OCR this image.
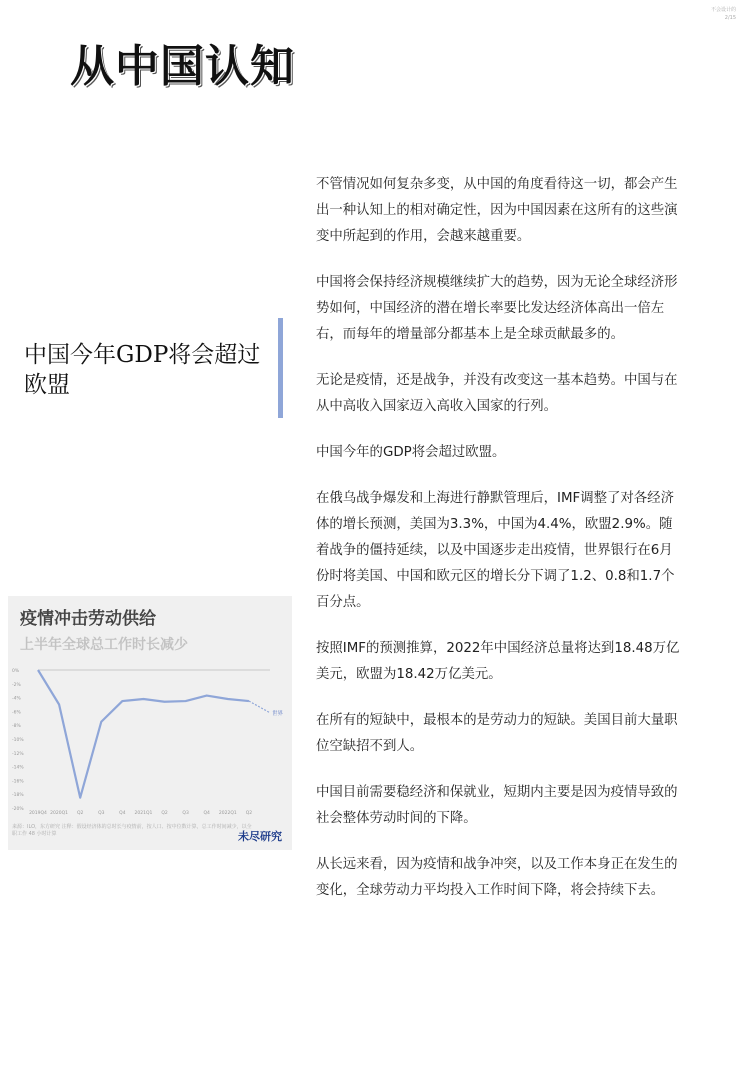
不会设计的
2/15
从中国认知
中国今年GDP将会超过欧盟

不管情况如何复杂多变，从中国的角度看待这一切，都会产生出一种认知上的相对确定性，因为中国因素在这所有的这些演变中所起到的作用，会越来越重要。

中国将会保持经济规模继续扩大的趋势，因为无论全球经济形势如何，中国经济的潜在增长率要比发达经济体高出一倍左右，而每年的增量部分都基本上是全球贡献最多的。

无论是疫情，还是战争，并没有改变这一基本趋势。中国与在从中高收入国家迈入高收入国家的行列。

中国今年的GDP将会超过欧盟。

在俄乌战争爆发和上海进行静默管理后，IMF调整了对各经济体的增长预测，美国为3.3%，中国为4.4%，欧盟2.9%。随着战争的僵持延续，以及中国逐步走出疫情，世界银行在6月份时将美国、中国和欧元区的增长分下调了1.2、0.8和1.7个百分点。

按照IMF的预测推算，2022年中国经济总量将达到18.48万亿美元，欧盟为18.42万亿美元。

在所有的短缺中，最根本的是劳动力的短缺。美国目前大量职位空缺招不到人。

中国目前需要稳经济和保就业，短期内主要是因为疫情导致的社会整体劳动时间的下降。

从长远来看，因为疫情和战争冲突，以及工作本身正在发生的变化，全球劳动力平均投入工作时间下降，将会持续下去。

疫情冲击劳动供给
上半年全球总工作时长减少
0%
-2%
-4%
-6%
-8%
-10%
-12%
-14%
-16%
-18%
-20%
2019Q4 2020Q1 Q2	Q3	Q4 2021Q1 Q2	Q3	Q4 2022Q1 Q2
世界
来源：ILO，东方研究 注释：假设经济体的总时长与疫情前，按人口、按中位数计算，总工作时间减少，以全职工作 48 小时计算	未尽研究
